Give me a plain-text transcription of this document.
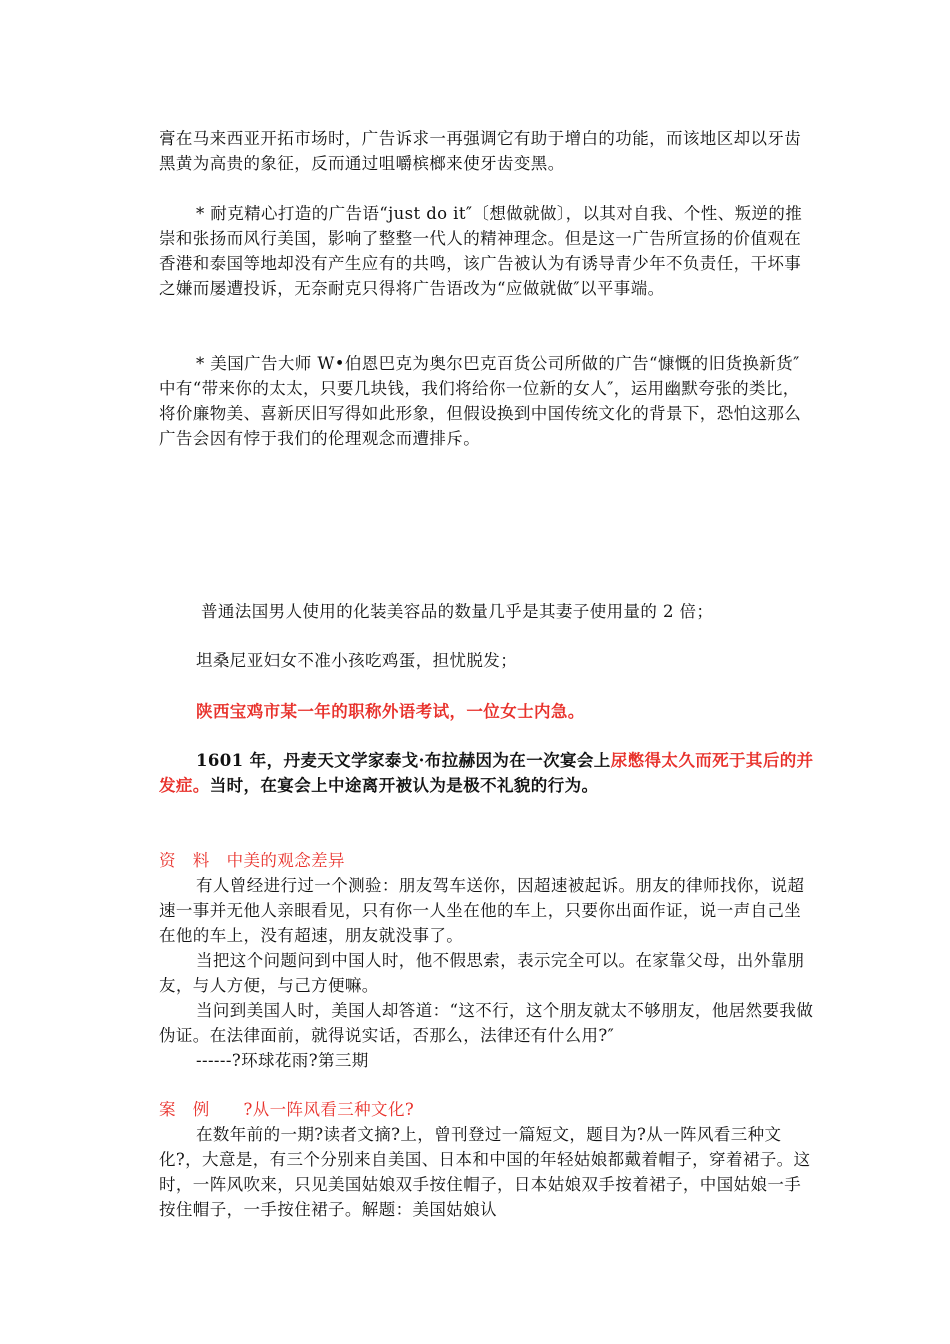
膏在马来西亚开拓市场时，广告诉求一再强调它有助于增白的功能，而该地区却以牙齿黑黄为高贵的象征，反而通过咀嚼槟榔来使牙齿变黑。

* 耐克精心打造的广告语“just do it″〔想做就做〕，以其对自我、个性、叛逆的推崇和张扬而风行美国，影响了整整一代人的精神理念。但是这一广告所宣扬的价值观在香港和泰国等地却没有产生应有的共鸣，该广告被认为有诱导青少年不负责任，干坏事之嫌而屡遭投诉，无奈耐克只得将广告语改为“应做就做″以平事端。

* 美国广告大师 W•伯恩巴克为奥尔巴克百货公司所做的广告“慷慨的旧货换新货″中有“带来你的太太，只要几块钱，我们将给你一位新的女人″，运用幽默夸张的类比，将价廉物美、喜新厌旧写得如此形象，但假设换到中国传统文化的背景下，恐怕这那么广告会因有悖于我们的伦理观念而遭排斥。

普通法国男人使用的化装美容品的数量几乎是其妻子使用量的 2 倍；

坦桑尼亚妇女不准小孩吃鸡蛋，担忧脱发；

陕西宝鸡市某一年的职称外语考试，一位女士内急。

1601 年，丹麦天文学家泰戈·布拉赫因为在一次宴会上尿憋得太久而死于其后的并发症。当时，在宴会上中途离开被认为是极不礼貌的行为。

资　料　中美的观念差异

有人曾经进行过一个测验：朋友驾车送你，因超速被起诉。朋友的律师找你，说超速一事并无他人亲眼看见，只有你一人坐在他的车上，只要你出面作证，说一声自己坐在他的车上，没有超速，朋友就没事了。

当把这个问题问到中国人时，他不假思索，表示完全可以。在家靠父母，出外靠朋友，与人方便，与己方便嘛。

当问到美国人时，美国人却答道：“这不行，这个朋友就太不够朋友，他居然要我做伪证。在法律面前，就得说实话，否那么，法律还有什么用?″

------?环球花雨?第三期

案　例　　?从一阵风看三种文化?

在数年前的一期?读者文摘?上，曾刊登过一篇短文，题目为?从一阵风看三种文化?，大意是，有三个分别来自美国、日本和中国的年轻姑娘都戴着帽子，穿着裙子。这时，一阵风吹来，只见美国姑娘双手按住帽子，日本姑娘双手按着裙子，中国姑娘一手按住帽子，一手按住裙子。解题：美国姑娘认
